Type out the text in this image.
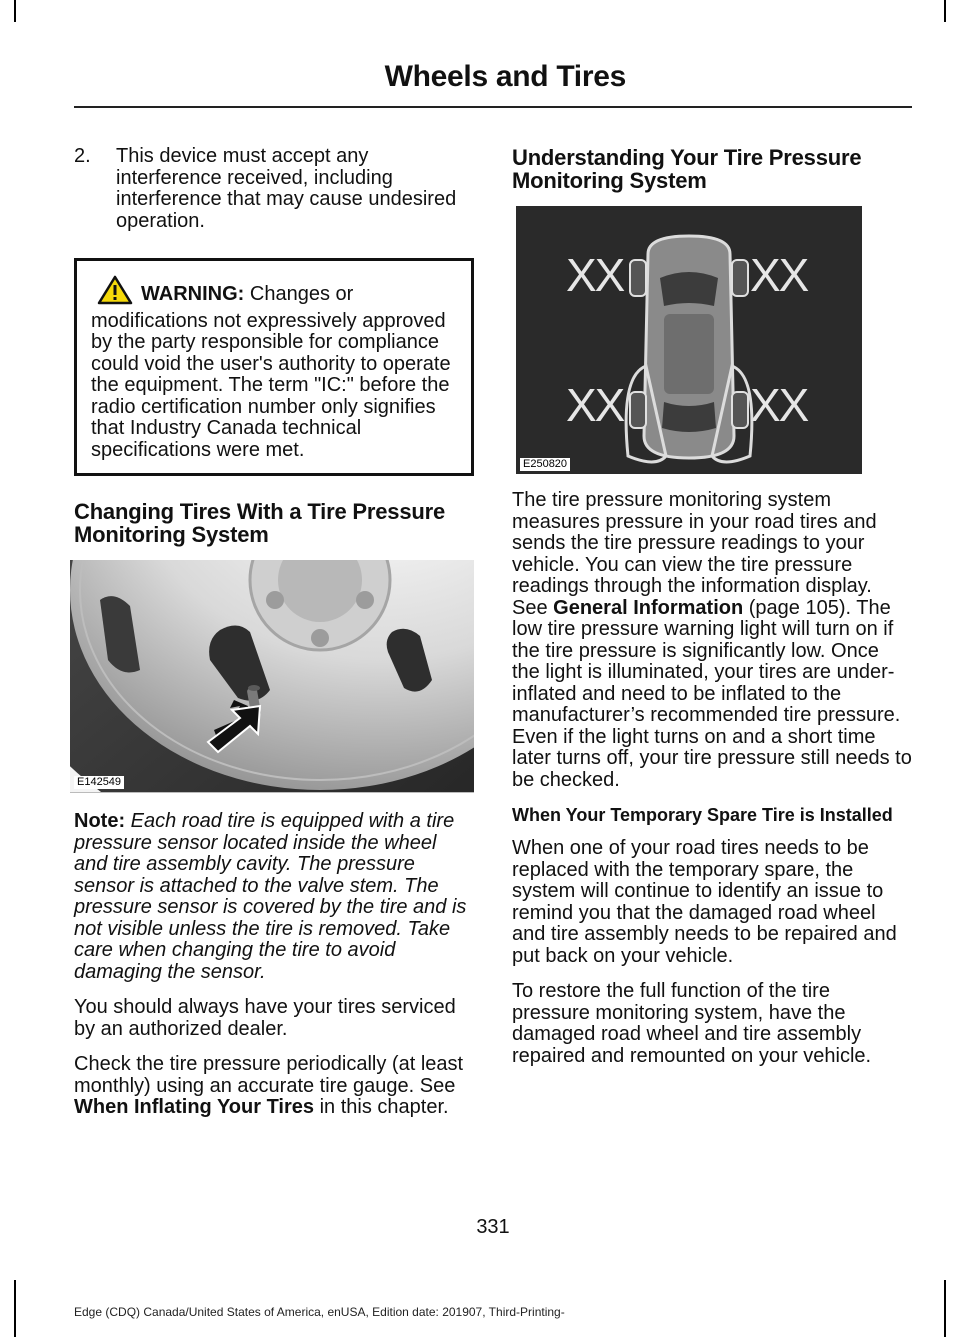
Wheels and Tires
2.	This device must accept any interference received, including interference that may cause undesired operation.
WARNING:
Changes or
modifications not expressively approved by the party responsible for compliance could void the user's authority to operate the equipment. The term "IC:" before the radio certification number only signifies that Industry Canada technical specifications were met.
Changing Tires With a Tire Pressure Monitoring System
E142549

Note: Each road tire is equipped with a tire pressure sensor located inside the wheel and tire assembly cavity. The pressure sensor is attached to the valve stem. The pressure sensor is covered by the tire and is not visible unless the tire is removed. Take care when changing the tire to avoid damaging the sensor.

You should always have your tires serviced by an authorized dealer.

Check the tire pressure periodically (at least monthly) using an accurate tire gauge. See When Inflating Your Tires in this chapter.

Understanding Your Tire Pressure Monitoring System
XX	XX
XX	XX
E250820

The tire pressure monitoring system measures pressure in your road tires and sends the tire pressure readings to your vehicle. You can view the tire pressure readings through the information display. See General Information (page 105). The low tire pressure warning light will turn on if the tire pressure is significantly low. Once the light is illuminated, your tires are under-inflated and need to be inflated to the manufacturer’s recommended tire pressure. Even if the light turns on and a short time later turns off, your tire pressure still needs to be checked.

When Your Temporary Spare Tire is Installed

When one of your road tires needs to be replaced with the temporary spare, the system will continue to identify an issue to remind you that the damaged road wheel and tire assembly needs to be repaired and put back on your vehicle.

To restore the full function of the tire pressure monitoring system, have the damaged road wheel and tire assembly repaired and remounted on your vehicle.

331
Edge (CDQ) Canada/United States of America, enUSA, Edition date: 201907, Third-Printing-
